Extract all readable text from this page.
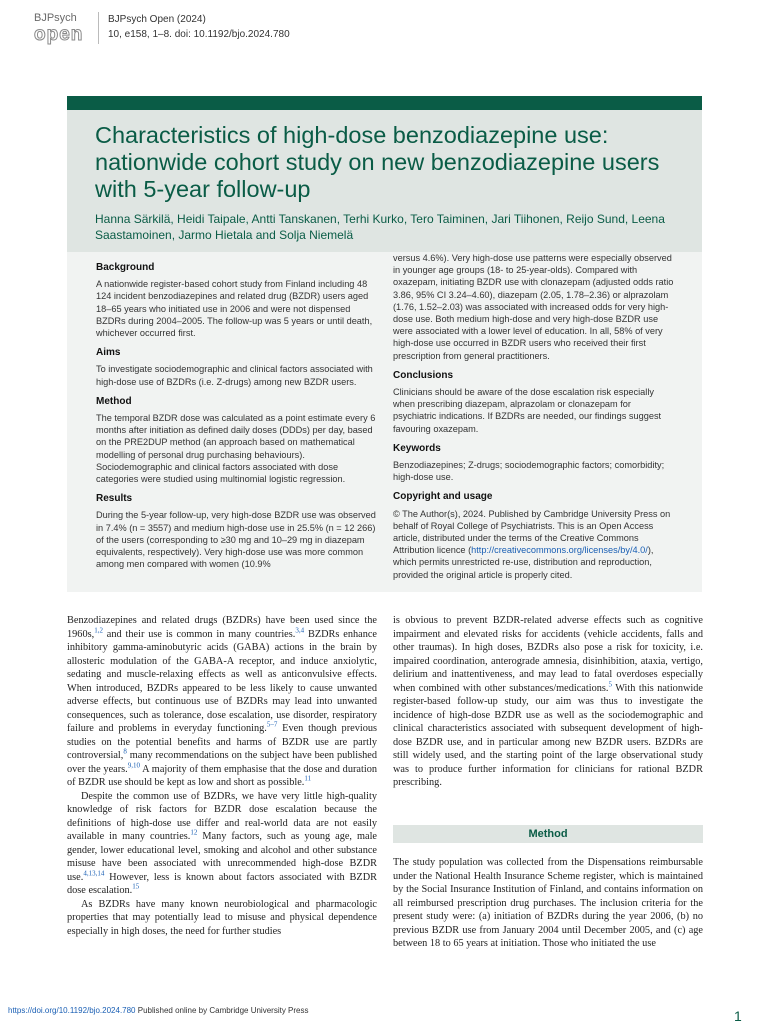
BJPsych
open
BJPsych Open (2024)
10, e158, 1–8. doi: 10.1192/bjo.2024.780
Characteristics of high-dose benzodiazepine use: nationwide cohort study on new benzodiazepine users with 5-year follow-up

Hanna Särkilä, Heidi Taipale, Antti Tanskanen, Terhi Kurko, Tero Taiminen, Jari Tiihonen, Reijo Sund, Leena Saastamoinen, Jarmo Hietala and Solja Niemelä

Background

A nationwide register-based cohort study from Finland including 48 124 incident benzodiazepines and related drug (BZDR) users aged 18–65 years who initiated use in 2006 and were not dispensed BZDRs during 2004–2005. The follow-up was 5 years or until death, whichever occurred first.

Aims

To investigate sociodemographic and clinical factors associated with high-dose use of BZDRs (i.e. Z-drugs) among new BZDR users.

Method

The temporal BZDR dose was calculated as a point estimate every 6 months after initiation as defined daily doses (DDDs) per day, based on the PRE2DUP method (an approach based on mathematical modelling of personal drug purchasing behaviours). Sociodemographic and clinical factors associated with dose categories were studied using multinomial logistic regression.

Results

During the 5-year follow-up, very high-dose BZDR use was observed in 7.4% (n = 3557) and medium high-dose use in 25.5% (n = 12 266) of the users (corresponding to ≥30 mg and 10–29 mg in diazepam equivalents, respectively). Very high-dose use was more common among men compared with women (10.9%

versus 4.6%). Very high-dose use patterns were especially observed in younger age groups (18- to 25-year-olds). Compared with oxazepam, initiating BZDR use with clonazepam (adjusted odds ratio 3.86, 95% CI 3.24–4.60), diazepam (2.05, 1.78–2.36) or alprazolam (1.76, 1.52–2.03) was associated with increased odds for very high-dose use. Both medium high-dose and very high-dose BZDR use were associated with a lower level of education. In all, 58% of very high-dose use occurred in BZDR users who received their first prescription from general practitioners.

Conclusions

Clinicians should be aware of the dose escalation risk especially when prescribing diazepam, alprazolam or clonazepam for psychiatric indications. If BZDRs are needed, our findings suggest favouring oxazepam.

Keywords

Benzodiazepines; Z-drugs; sociodemographic factors; comorbidity; high-dose use.

Copyright and usage

© The Author(s), 2024. Published by Cambridge University Press on behalf of Royal College of Psychiatrists. This is an Open Access article, distributed under the terms of the Creative Commons Attribution licence (http://creativecommons.org/licenses/by/4.0/), which permits unrestricted re-use, distribution and reproduction, provided the original article is properly cited.

Benzodiazepines and related drugs (BZDRs) have been used since the 1960s,$^{1,2}$ and their use is common in many countries.$^{3,4}$ BZDRs enhance inhibitory gamma-aminobutyric acids (GABA) actions in the brain by allosteric modulation of the GABA-A receptor, and induce anxiolytic, sedating and muscle-relaxing effects as well as anticonvulsive effects. When introduced, BZDRs appeared to be less likely to cause unwanted adverse effects, but continuous use of BZDRs may lead into unwanted consequences, such as tolerance, dose escalation, use disorder, respiratory failure and problems in everyday functioning.$^{5-7}$ Even though previous studies on the potential benefits and harms of BZDR use are partly controversial,$^8$ many recommendations on the subject have been published over the years.$^{9,10}$ A majority of them emphasise that the dose and duration of BZDR use should be kept as low and short as possible.$^{11}$

Despite the common use of BZDRs, we have very little high-quality knowledge of risk factors for BZDR dose escalation because the definitions of high-dose use differ and real-world data are not easily available in many countries.$^{12}$ Many factors, such as young age, male gender, lower educational level, smoking and alcohol and other substance misuse have been associated with unrecommended high-dose BZDR use.$^{4,13,14}$ However, less is known about factors associated with BZDR dose escalation.$^{15}$

As BZDRs have many known neurobiological and pharmacologic properties that may potentially lead to misuse and physical dependence especially in high doses, the need for further studies

is obvious to prevent BZDR-related adverse effects such as cognitive impairment and elevated risks for accidents (vehicle accidents, falls and other traumas). In high doses, BZDRs also pose a risk for toxicity, i.e. impaired coordination, anterograde amnesia, disinhibition, ataxia, vertigo, delirium and inattentiveness, and may lead to fatal overdoses especially when combined with other substances/medications.$^5$ With this nationwide register-based follow-up study, our aim was thus to investigate the incidence of high-dose BZDR use as well as the sociodemographic and clinical characteristics associated with subsequent development of high-dose BZDR use, and in particular among new BZDR users. BZDRs are still widely used, and the starting point of the large observational study was to produce further information for clinicians for rational BZDR prescribing.

Method

The study population was collected from the Dispensations reimbursable under the National Health Insurance Scheme register, which is maintained by the Social Insurance Institution of Finland, and contains information on all reimbursed prescription drug purchases. The inclusion criteria for the present study were: (a) initiation of BZDRs during the year 2006, (b) no previous BZDR use from January 2004 until December 2005, and (c) age between 18 to 65 years at initiation. Those who initiated the use

https://doi.org/10.1192/bjo.2024.780 Published online by Cambridge University Press	1
